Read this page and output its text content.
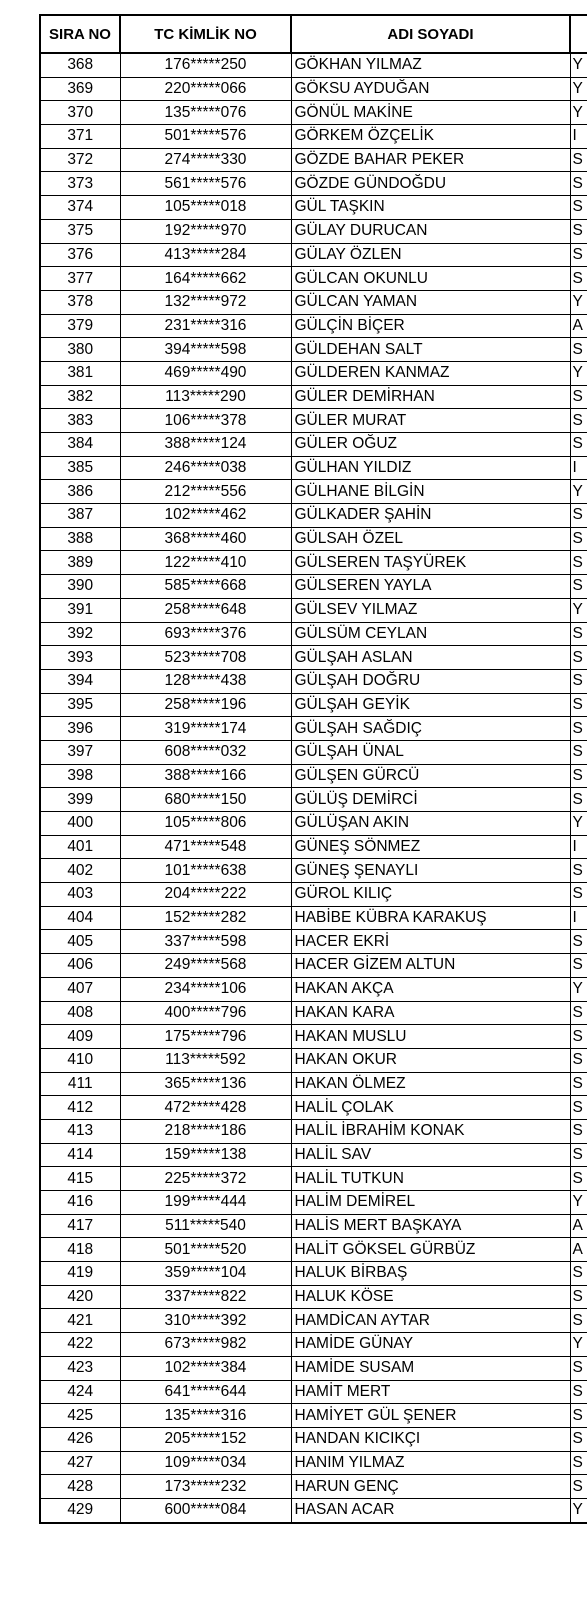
SIRA NO	TC KİMLİK NO	ADI SOYADI	
368	176*****250	GÖKHAN YILMAZ	Y
369	220*****066	GÖKSU AYDUĞAN	Y
370	135*****076	GÖNÜL MAKİNE	Y
371	501*****576	GÖRKEM ÖZÇELİK	I
372	274*****330	GÖZDE BAHAR PEKER	S
373	561*****576	GÖZDE GÜNDOĞDU	S
374	105*****018	GÜL TAŞKIN	S
375	192*****970	GÜLAY DURUCAN	S
376	413*****284	GÜLAY ÖZLEN	S
377	164*****662	GÜLCAN OKUNLU	S
378	132*****972	GÜLCAN YAMAN	Y
379	231*****316	GÜLÇİN BİÇER	A
380	394*****598	GÜLDEHAN SALT	S
381	469*****490	GÜLDEREN KANMAZ	Y
382	113*****290	GÜLER DEMİRHAN	S
383	106*****378	GÜLER MURAT	S
384	388*****124	GÜLER OĞUZ	S
385	246*****038	GÜLHAN YILDIZ	I
386	212*****556	GÜLHANE BİLGİN	Y
387	102*****462	GÜLKADER ŞAHİN	S
388	368*****460	GÜLSAH ÖZEL	S
389	122*****410	GÜLSEREN TAŞYÜREK	S
390	585*****668	GÜLSEREN YAYLA	S
391	258*****648	GÜLSEV YILMAZ	Y
392	693*****376	GÜLSÜM CEYLAN	S
393	523*****708	GÜLŞAH ASLAN	S
394	128*****438	GÜLŞAH DOĞRU	S
395	258*****196	GÜLŞAH GEYİK	S
396	319*****174	GÜLŞAH SAĞDIÇ	S
397	608*****032	GÜLŞAH ÜNAL	S
398	388*****166	GÜLŞEN GÜRCÜ	S
399	680*****150	GÜLÜŞ DEMİRCİ	S
400	105*****806	GÜLÜŞAN AKIN	Y
401	471*****548	GÜNEŞ SÖNMEZ	I
402	101*****638	GÜNEŞ ŞENAYLI	S
403	204*****222	GÜROL KILIÇ	S
404	152*****282	HABİBE KÜBRA KARAKUŞ	I
405	337*****598	HACER EKRİ	S
406	249*****568	HACER GİZEM ALTUN	S
407	234*****106	HAKAN AKÇA	Y
408	400*****796	HAKAN KARA	S
409	175*****796	HAKAN MUSLU	S
410	113*****592	HAKAN OKUR	S
411	365*****136	HAKAN ÖLMEZ	S
412	472*****428	HALİL ÇOLAK	S
413	218*****186	HALİL İBRAHİM KONAK	S
414	159*****138	HALİL SAV	S
415	225*****372	HALİL TUTKUN	S
416	199*****444	HALİM DEMİREL	Y
417	511*****540	HALİS MERT BAŞKAYA	A
418	501*****520	HALİT GÖKSEL GÜRBÜZ	A
419	359*****104	HALUK BİRBAŞ	S
420	337*****822	HALUK KÖSE	S
421	310*****392	HAMDİCAN AYTAR	S
422	673*****982	HAMİDE GÜNAY	Y
423	102*****384	HAMİDE SUSAM	S
424	641*****644	HAMİT MERT	S
425	135*****316	HAMİYET GÜL ŞENER	S
426	205*****152	HANDAN KICIKÇI	S
427	109*****034	HANIM YILMAZ	S
428	173*****232	HARUN GENÇ	S
429	600*****084	HASAN ACAR	Y
